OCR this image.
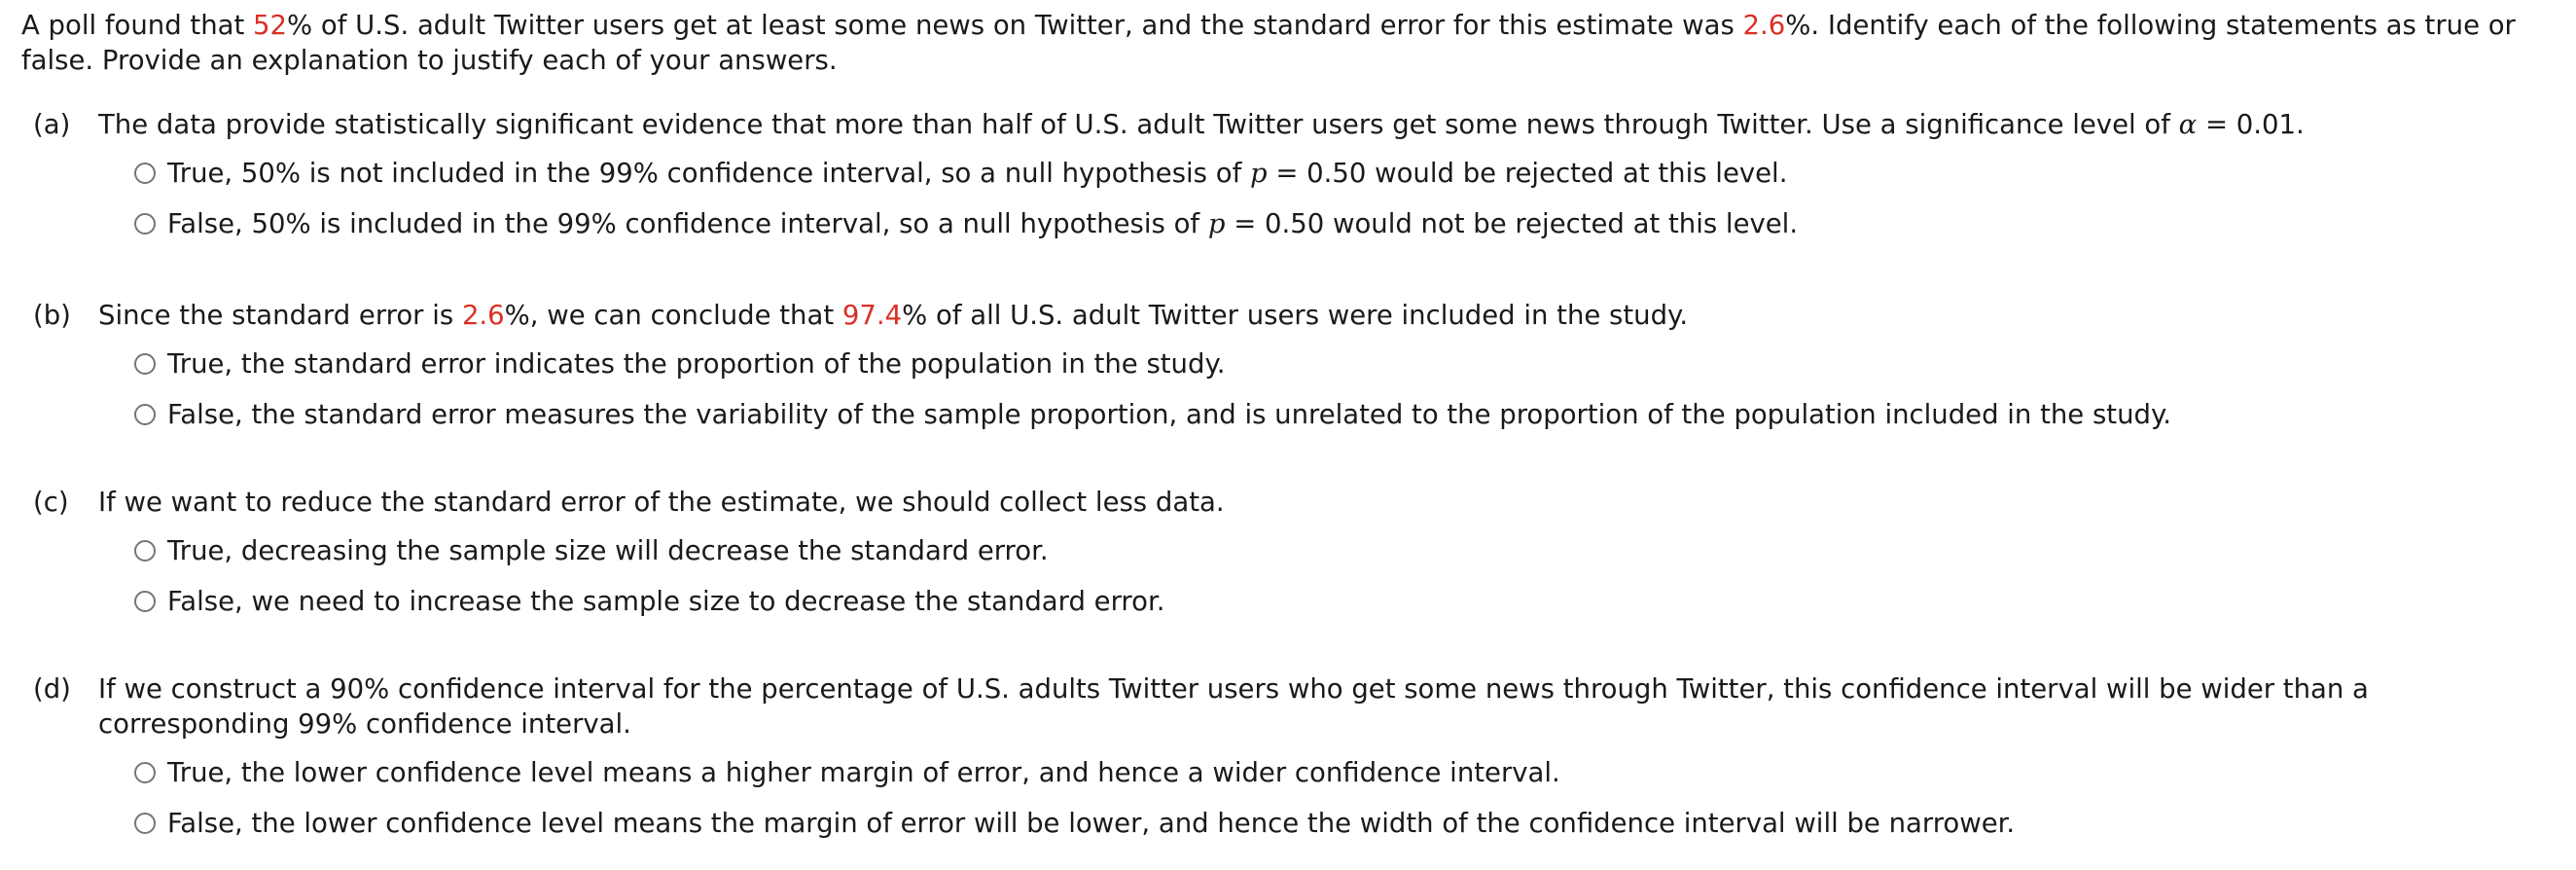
A poll found that 52% of U.S. adult Twitter users get at least some news on Twitter, and the standard error for this estimate was 2.6%. Identify each of the following statements as true or false. Provide an explanation to justify each of your answers.
(a)	The data provide statistically significant evidence that more than half of U.S. adult Twitter users get some news through Twitter. Use a significance level of α = 0.01.
True, 50% is not included in the 99% confidence interval, so a null hypothesis of p = 0.50 would be rejected at this level.
False, 50% is included in the 99% confidence interval, so a null hypothesis of p = 0.50 would not be rejected at this level.
(b)	Since the standard error is 2.6%, we can conclude that 97.4% of all U.S. adult Twitter users were included in the study.
True, the standard error indicates the proportion of the population in the study.
False, the standard error measures the variability of the sample proportion, and is unrelated to the proportion of the population included in the study.
(c)	If we want to reduce the standard error of the estimate, we should collect less data.
True, decreasing the sample size will decrease the standard error.
False, we need to increase the sample size to decrease the standard error.
(d)	If we construct a 90% confidence interval for the percentage of U.S. adults Twitter users who get some news through Twitter, this confidence interval will be wider than a corresponding 99% confidence interval.
True, the lower confidence level means a higher margin of error, and hence a wider confidence interval.
False, the lower confidence level means the margin of error will be lower, and hence the width of the confidence interval will be narrower.
